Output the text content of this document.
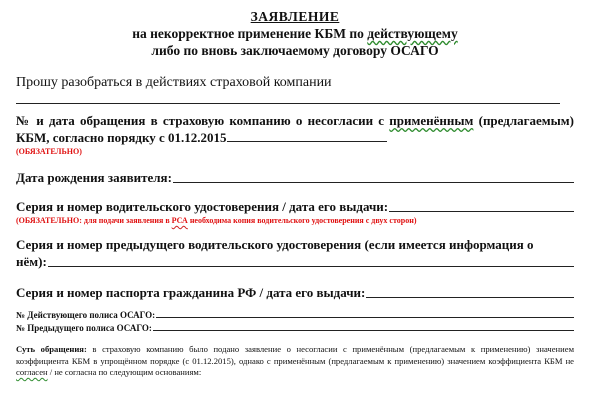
ЗАЯВЛЕНИЕ
на некорректное применение КБМ по действующему
либо по вновь заключаемому договору ОСАГО
Прошу разобраться в действиях страховой компании
№ и дата обращения в страховую компанию о несогласии с применённым (предлагаемым) КБМ, согласно порядку с 01.12.2015
(ОБЯЗАТЕЛЬНО)
Дата рождения заявителя:
Серия и номер водительского удостоверения / дата его выдачи:
(ОБЯЗАТЕЛЬНО: для подачи заявления в РСА необходима копия водительского удостоверения с двух сторон)
Серия и номер предыдущего водительского удостоверения (если имеется информация о
нём):
Серия и номер паспорта гражданина РФ / дата его выдачи:
№ Действующего полиса ОСАГО:
№ Предыдущего полиса ОСАГО:
Суть обращения: в страховую компанию было подано заявление о несогласии с применённым (предлагаемым к применению) значением коэффициента КБМ в упрощённом порядке (с 01.12.2015), однако с применённым (предлагаемым к применению) значением коэффициента КБМ не согласен / не согласна по следующим основаниям:
